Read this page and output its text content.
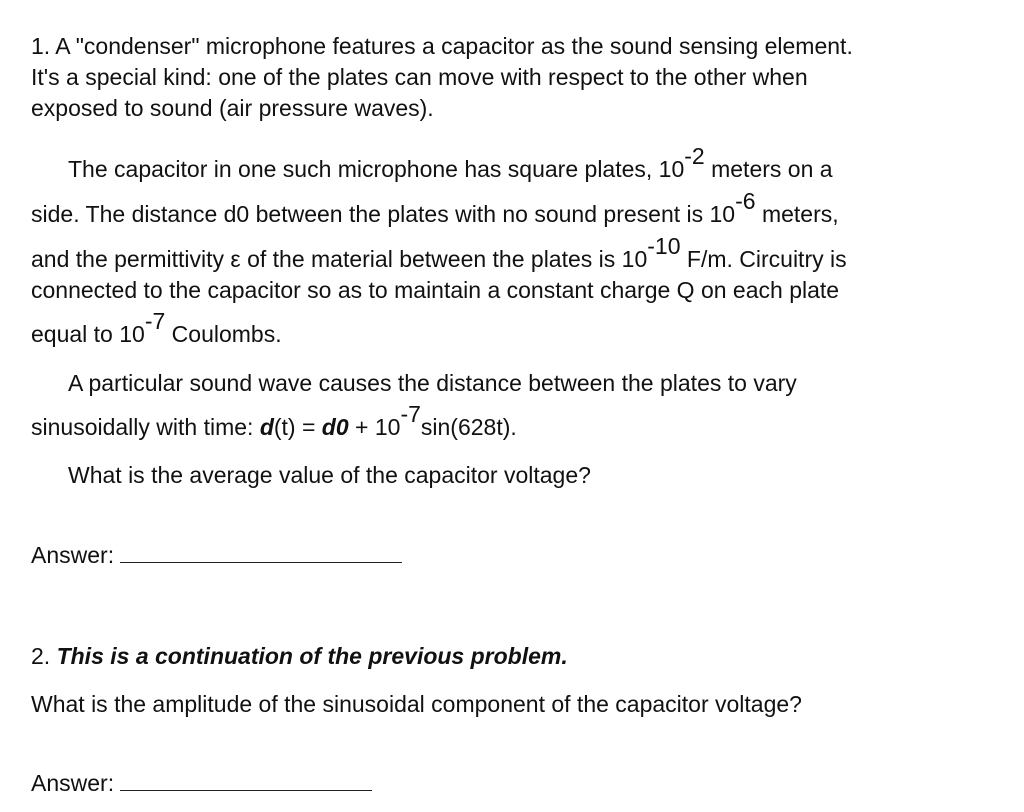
1. A "condenser" microphone features a capacitor as the sound sensing element.
It's a special kind: one of the plates can move with respect to the other when
exposed to sound (air pressure waves).
The capacitor in one such microphone has square plates, $10^{-2}$ meters on a
side. The distance d0 between the plates with no sound present is $10^{-6}$ meters,
and the permittivity ε of the material between the plates is $10^{-10}$ F/m. Circuitry is
connected to the capacitor so as to maintain a constant charge Q on each plate
equal to $10^{-7}$ Coulombs.
A particular sound wave causes the distance between the plates to vary
sinusoidally with time: $d(t) = d0 + 10^{-7}\sin(628t)$.
What is the average value of the capacitor voltage?
Answer:
2. This is a continuation of the previous problem.
What is the amplitude of the sinusoidal component of the capacitor voltage?
Answer:
